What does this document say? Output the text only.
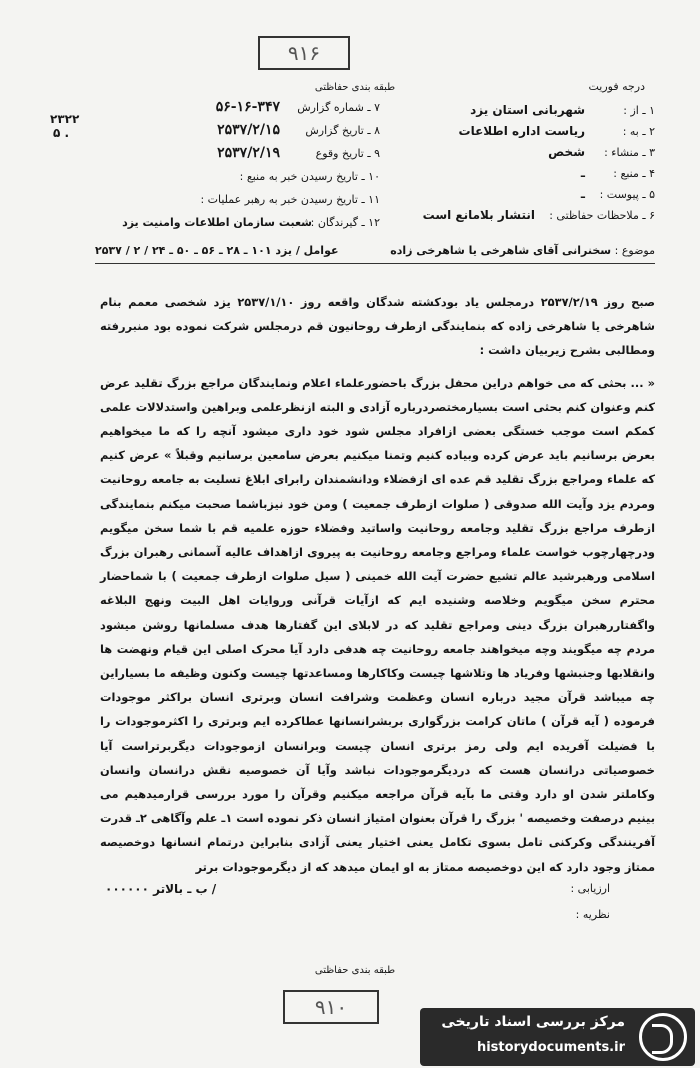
۹۱۶
طبقه بندی حفاظتی	درجه فوریت
۱ ـ از :
شهربانی استان یزد
۲ ـ به :
ریاست اداره اطلاعات
۳ ـ منشاء :
شخص
۴ ـ منبع :
ـ
۵ ـ پیوست :
ـ
۶ ـ ملاحظات حفاظتی :
انتشار بلامانع است
۷ ـ شماره گزارش
۵۶-۱۶-۳۴۷
۸ ـ تاریخ گزارش
۲۵۳۷/۲/۱۵
۹ ـ تاریخ وقوع
۲۵۳۷/۲/۱۹
۱۰ ـ تاریخ رسیدن خبر به منبع :
۱۱ ـ تاریخ رسیدن خبر به رهبر عملیات :
۱۲ ـ گیرندگان :
شعبت سازمان اطلاعات وامنیت یزد
۲۳۲۲ ۵ .
موضوع : سخنرانی آقای شاهرخی یا شاهرخی زاده
عوامل / یزد ۱۰۱ ـ ۲۸ ـ ۵۶ ـ ۵۰ ـ ۲۴ / ۲ / ۲۵۳۷

صبح روز ۲۵۳۷/۲/۱۹ درمجلس یاد بودکشته شدگان واقعه روز ۲۵۳۷/۱/۱۰ یزد شخصی معمم بنام شاهرخی یا شاهرخی زاده که بنمایندگی ازطرف روحانیون قم درمجلس شرکت نموده بود منبررفته ومطالبی بشرح زیربیان داشت :

« ... بحثی که می خواهم دراین محفل بزرگ باحضورعلماء اعلام ونمایندگان مراجع بزرگ تقلید عرض کنم وعنوان کنم بحثی است بسیارمختصردرباره آزادی و البته ازنظرعلمی وبراهین واستدلالات علمی کمکم است موجب خستگی بعضی ازافراد مجلس شود خود داری میشود آنچه را که ما میخواهیم بعرض برسانیم باید عرض کرده وبیاده کنیم وتمنا میکنیم بعرض سامعین برسانیم وقبلاً » عرض کنیم که علماء ومراجع بزرگ تقلید قم عده ای ازفضلاء ودانشمندان رابرای ابلاغ تسلیت به جامعه روحانیت ومردم یزد وآیت الله صدوقی ( صلوات ازطرف جمعیت ) ومن خود نیزباشما صحبت میکنم بنمایندگی ازطرف مراجع بزرگ تقلید وجامعه روحانیت واساتید وفضلاء حوزه علمیه قم با شما سخن میگویم ودرچهارچوب خواست علماء ومراجع وجامعه روحانیت به پیروی ازاهداف عالیه آسمانی رهبران بزرگ اسلامی ورهبرشید عالم تشیع حضرت آیت الله خمینی ( سیل صلوات ازطرف جمعیت ) با شماحضار محترم سخن میگویم وخلاصه وشنیده ایم که ازآیات قرآنی وروایات اهل البیت ونهج البلاغه واگفتاررهبران بزرگ دینی ومراجع تقلید که در لابلای این گفتارها هدف مسلمانها روشن میشود مردم چه میگویند وچه میخواهند جامعه روحانیت چه هدفی دارد آیا محرک اصلی این قیام ونهضت ها وانقلابها وجنبشها وفریاد ها وتلاشها چیست وکاکارها ومساعدتها چیست وکنون وظیفه ما بسیاراین چه میباشد قرآن مجید درباره انسان وعظمت وشرافت انسان وبرتری انسان براکثر موجودات فرموده ( آیه قرآن ) ماتان کرامت بزرگواری بربشرانسانها عطاکرده ایم وبرتری را اکثرموجودات را با فضیلت آفریده ایم ولی رمز برتری انسان چیست وبرانسان ازموجودات دیگربرتراست آیا خصوصیاتی درانسان هست که دردیگرموجودات نباشد وآیا آن خصوصیه نقش درانسان وانسان وکاملتر شدن او دارد وقتی ما بآیه قرآن مراجعه میکنیم وقرآن را مورد بررسی قرارمیدهیم می بینیم درصفت وخصیصه ' بزرگ را قرآن بعنوان امتیاز انسان ذکر نموده است ۱ـ علم وآگاهی ۲ـ قدرت آفرینندگی وکرکنی تامل بسوی تکامل یعنی اختیار یعنی آزادی بنابراین درتمام انسانها دوخصیصه ممتاز وجود دارد که این دوخصیصه ممتاز به او ایمان میدهد که از دیگرموجودات برتر

/ ب ـ بالاتر ۰۰۰۰۰۰	ارزیابی :
نظریه :
طبقه بندی حفاظتی
۹۱۰
مرکز بررسی اسناد تاریخی
historydocuments.ir
